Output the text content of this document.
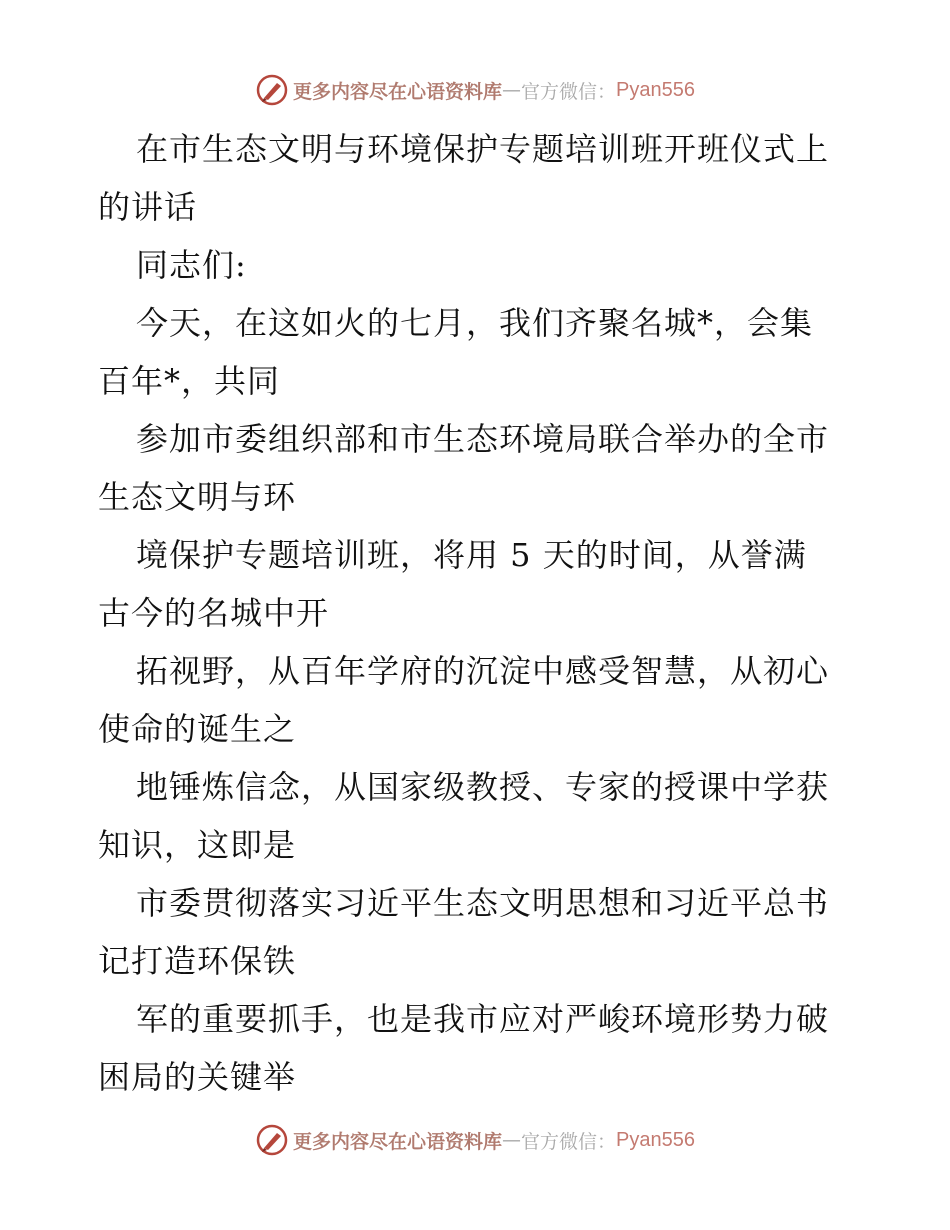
更多内容尽在心语资料库 — 官方微信： Pyan556
在市生态文明与环境保护专题培训班开班仪式上
的讲话
同志们:
今天，在这如火的七月，我们齐聚名城*，会集
百年*，共同
参加市委组织部和市生态环境局联合举办的全市
生态文明与环
境保护专题培训班，将用 5 天的时间，从誉满
古今的名城中开
拓视野，从百年学府的沉淀中感受智慧，从初心
使命的诞生之
地锤炼信念，从国家级教授、专家的授课中学获
知识，这即是
市委贯彻落实习近平生态文明思想和习近平总书
记打造环保铁
军的重要抓手，也是我市应对严峻环境形势力破
困局的关键举
更多内容尽在心语资料库 — 官方微信： Pyan556
